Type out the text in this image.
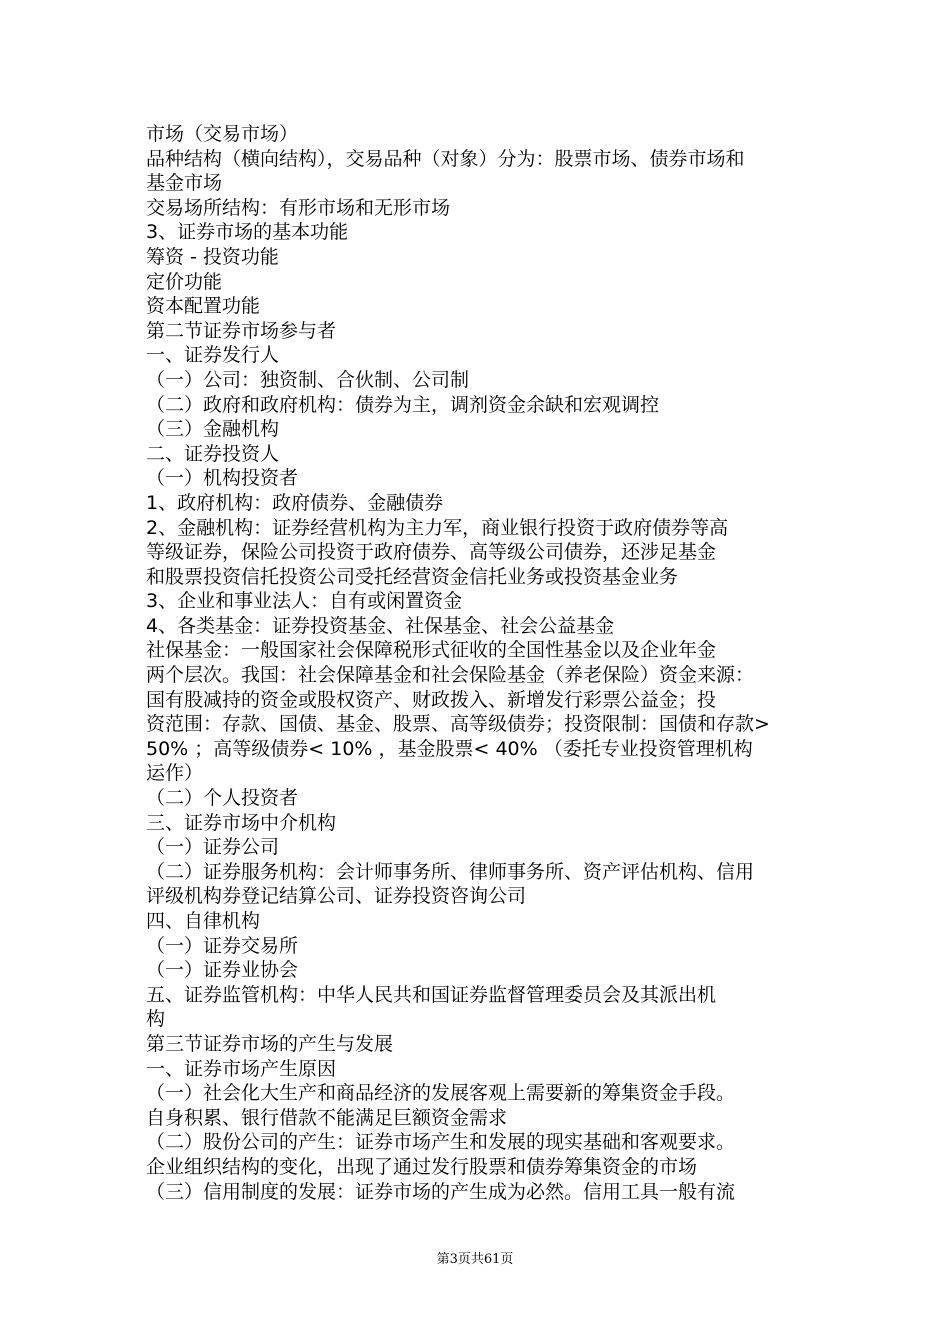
市场（交易市场）
品种结构（横向结构），交易品种（对象）分为：股票市场、债券市场和
基金市场
交易场所结构：有形市场和无形市场
3、证券市场的基本功能
筹资 - 投资功能
定价功能
资本配置功能
第二节证券市场参与者
一、证券发行人
（一）公司：独资制、合伙制、公司制
（二）政府和政府机构：债券为主，调剂资金余缺和宏观调控
（三）金融机构
二、证券投资人
（一）机构投资者
1、政府机构：政府债券、金融债券
2、金融机构：证券经营机构为主力军，商业银行投资于政府债券等高
等级证券，保险公司投资于政府债券、高等级公司债券，还涉足基金
和股票投资信托投资公司受托经营资金信托业务或投资基金业务
3、企业和事业法人：自有或闲置资金
4、各类基金：证券投资基金、社保基金、社会公益基金
社保基金：一般国家社会保障税形式征收的全国性基金以及企业年金
两个层次。我国：社会保障基金和社会保险基金（养老保险）资金来源：
国有股减持的资金或股权资产、财政拨入、新增发行彩票公益金；投
资范围：存款、国债、基金、股票、高等级债券；投资限制：国债和存款>
50% ；高等级债券< 10% ，基金股票< 40% （委托专业投资管理机构
运作）
（二）个人投资者
三、证券市场中介机构
（一）证券公司
（二）证券服务机构：会计师事务所、律师事务所、资产评估机构、信用
评级机构券登记结算公司、证券投资咨询公司
四、自律机构
（一）证券交易所
（一）证券业协会
五、证券监管机构：中华人民共和国证券监督管理委员会及其派出机
构
第三节证券市场的产生与发展
一、证券市场产生原因
（一）社会化大生产和商品经济的发展客观上需要新的筹集资金手段。
自身积累、银行借款不能满足巨额资金需求
（二）股份公司的产生：证券市场产生和发展的现实基础和客观要求。
企业组织结构的变化，出现了通过发行股票和债券筹集资金的市场
（三）信用制度的发展：证券市场的产生成为必然。信用工具一般有流
第3页共61页
